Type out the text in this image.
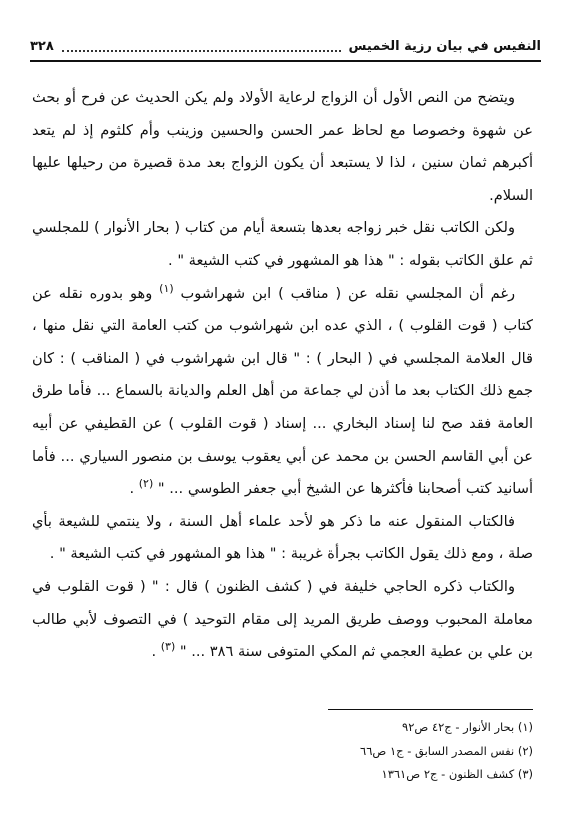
النفيس في بيان رزية الخميس
٣٢٨

ويتضح من النص الأول أن الزواج لرعاية الأولاد ولم يكن الحديث عن فرح أو بحث عن شهوة وخصوصا مع لحاظ عمر الحسن والحسين وزينب وأم كلثوم إذ لم يتعد أكبرهم ثمان سنين ، لذا لا يستبعد أن يكون الزواج بعد مدة قصيرة من رحيلها عليها السلام.

ولكن الكاتب نقل خبر زواجه بعدها بتسعة أيام من كتاب ( بحار الأنوار ) للمجلسي ثم علق الكاتب بقوله : " هذا هو المشهور في كتب الشيعة " .

رغم أن المجلسي نقله عن ( مناقب ) ابن شهراشوب $^{(١)}$ وهو بدوره نقله عن كتاب ( قوت القلوب ) ، الذي عده ابن شهراشوب من كتب العامة التي نقل منها ، قال العلامة المجلسي في ( البحار ) : " قال ابن شهراشوب في ( المناقب ) : كان جمع ذلك الكتاب بعد ما أذن لي جماعة من أهل العلم والديانة بالسماع ... فأما طرق العامة فقد صح لنا إسناد البخاري ... إسناد ( قوت القلوب ) عن القطيفي عن أبيه عن أبي القاسم الحسن بن محمد عن أبي يعقوب يوسف بن منصور السياري ... فأما أسانيد كتب أصحابنا فأكثرها عن الشيخ أبي جعفر الطوسي ... " $^{(٢)}$ .

فالكتاب المنقول عنه ما ذكر هو لأحد علماء أهل السنة ، ولا ينتمي للشيعة بأي صلة ، ومع ذلك يقول الكاتب بجرأة غريبة : " هذا هو المشهور في كتب الشيعة " .

والكتاب ذكره الحاجي خليفة في ( كشف الظنون ) قال : " ( قوت القلوب في معاملة المحبوب ووصف طريق المريد إلى مقام التوحيد ) في التصوف لأبي طالب بن علي بن عطية العجمي ثم المكي المتوفى سنة ٣٨٦ ... " $^{(٣)}$ .

(١) بحار الأنوار - ج٤٢ ص٩٢

(٢) نفس المصدر السابق - ج١ ص٦٦

(٣) كشف الظنون - ج٢ ص١٣٦١
